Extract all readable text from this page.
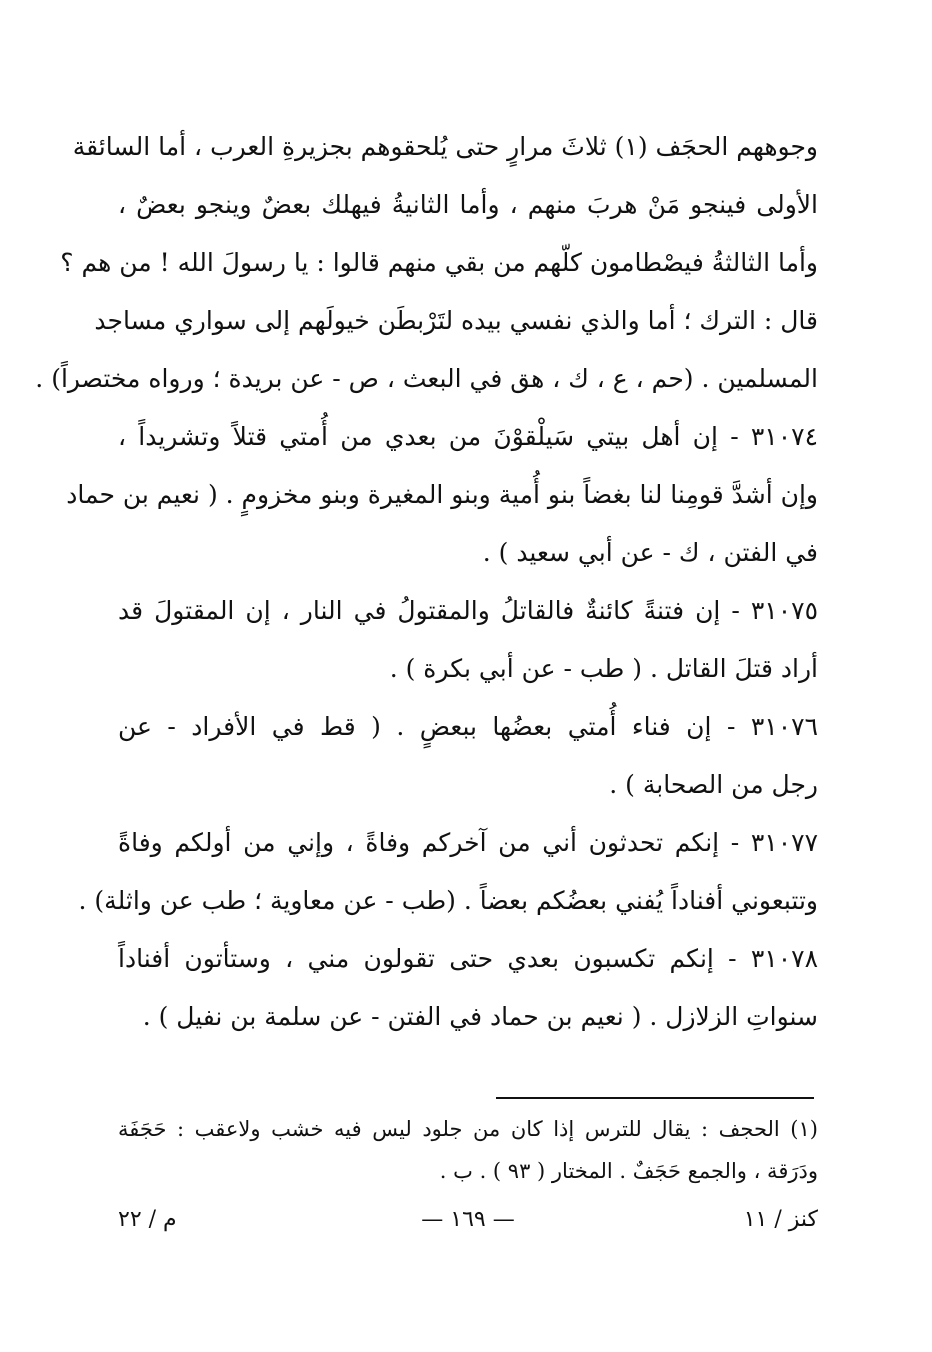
وجوههم الحجَف (١) ثلاثَ مرارٍ حتى يُلحقوهم بجزيرةِ العرب ، أما السائقة
الأولى فينجو مَنْ هربَ منهم ، وأما الثانيةُ فيهلك بعضٌ وينجو بعضٌ ،
وأما الثالثةُ فيصْطامون كلّهم من بقي منهم قالوا : يا رسولَ الله ! من هم ؟
قال : الترك ؛ أما والذي نفسي بيده لتَرْبطَن خيولَهم إلى سواري مساجد
المسلمين . (حم ، ع ، ك ، هق في البعث ، ص - عن بريدة ؛ ورواه مختصراً) .
٣١٠٧٤ - إن أهل بيتي سَيلْقوْنَ من بعدي من أُمتي قتلاً وتشريداً ،
وإن أشدَّ قومِنا لنا بغضاً بنو أُمية وبنو المغيرة وبنو مخزومٍ . ( نعيم بن حماد
في الفتن ، ك - عن أبي سعيد ) .
٣١٠٧٥ - إن فتنةً كائنةٌ فالقاتلُ والمقتولُ في النار ، إن المقتولَ قد
أراد قتلَ القاتل . ( طب - عن أبي بكرة ) .
٣١٠٧٦ - إن فناء أُمتي بعضُها ببعضٍ . ( قط في الأفراد - عن
رجل من الصحابة ) .
٣١٠٧٧ - إنكم تحدثون أني من آخركم وفاةً ، وإني من أولكم وفاةً
وتتبعوني أفناداً يُفني بعضُكم بعضاً . (طب - عن معاوية ؛ طب عن واثلة) .
٣١٠٧٨ - إنكم تكسبون بعدي حتى تقولون مني ، وستأتون أفناداً
سنواتِ الزلازل . ( نعيم بن حماد في الفتن - عن سلمة بن نفيل ) .
(١) الحجف : يقال للترس إذا كان من جلود ليس فيه خشب ولاعقب : حَجَفَة
ودَرَقة ، والجمع حَجَفٌ . المختار ( ٩٣ ) . ب .
كنز / ١١
— ١٦٩ —
م / ٢٢
